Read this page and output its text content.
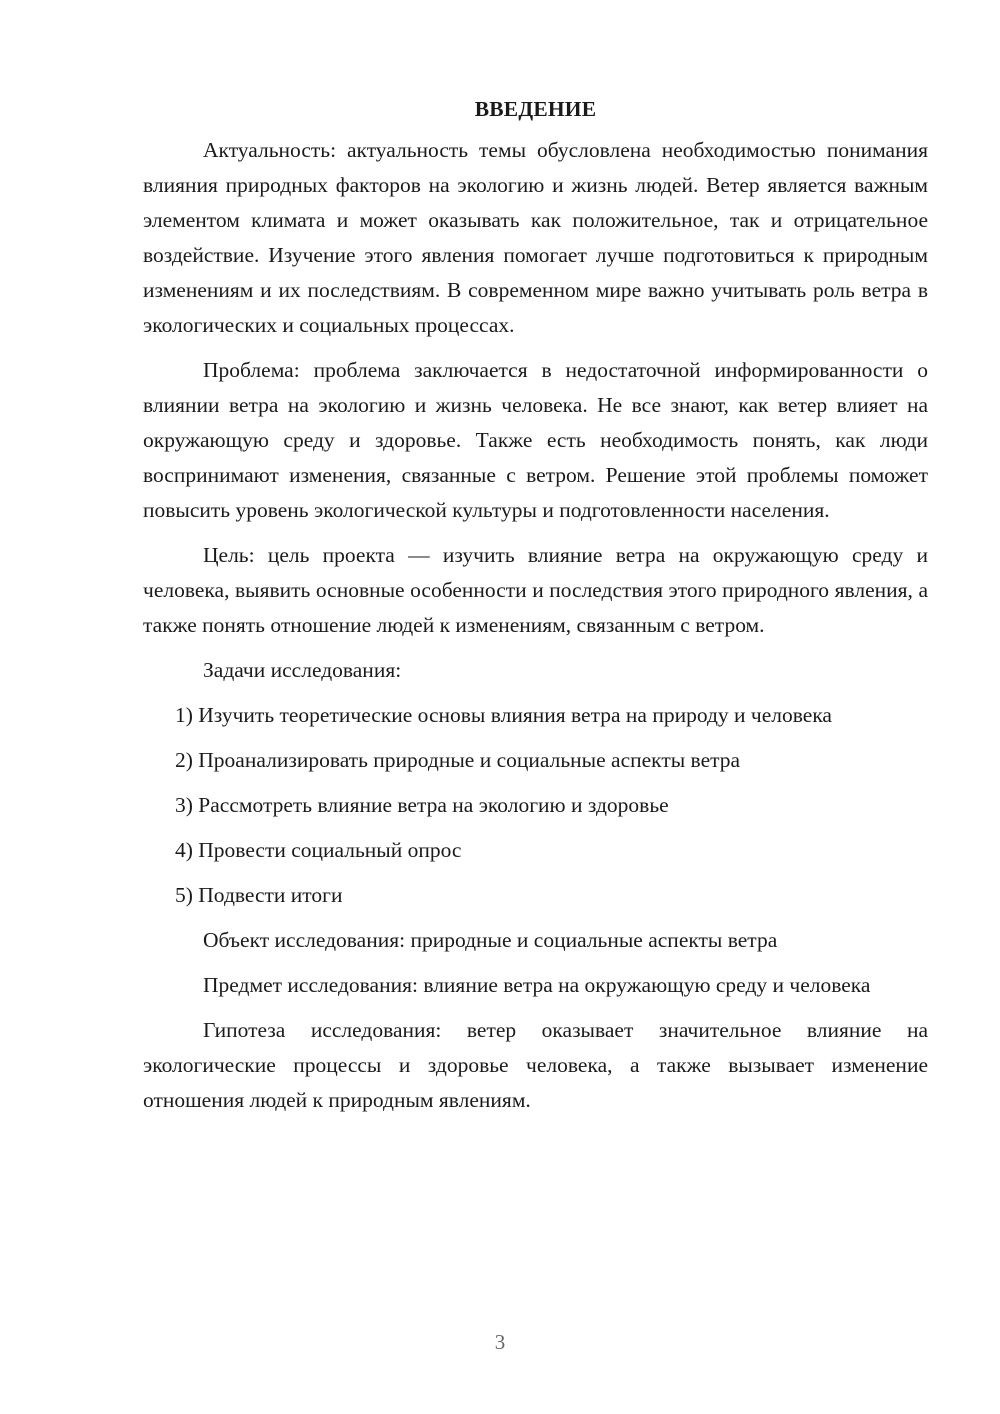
ВВЕДЕНИЕ

Актуальность: актуальность темы обусловлена необходимостью понимания влияния природных факторов на экологию и жизнь людей. Ветер является важным элементом климата и может оказывать как положительное, так и отрицательное воздействие. Изучение этого явления помогает лучше подготовиться к природным изменениям и их последствиям. В современном мире важно учитывать роль ветра в экологических и социальных процессах.

Проблема: проблема заключается в недостаточной информированности о влиянии ветра на экологию и жизнь человека. Не все знают, как ветер влияет на окружающую среду и здоровье. Также есть необходимость понять, как люди воспринимают изменения, связанные с ветром. Решение этой проблемы поможет повысить уровень экологической культуры и подготовленности населения.

Цель: цель проекта — изучить влияние ветра на окружающую среду и человека, выявить основные особенности и последствия этого природного явления, а также понять отношение людей к изменениям, связанным с ветром.

Задачи исследования:

1) Изучить теоретические основы влияния ветра на природу и человека

2) Проанализировать природные и социальные аспекты ветра

3) Рассмотреть влияние ветра на экологию и здоровье

4) Провести социальный опрос

5) Подвести итоги

Объект исследования: природные и социальные аспекты ветра

Предмет исследования: влияние ветра на окружающую среду и человека

Гипотеза исследования: ветер оказывает значительное влияние на экологические процессы и здоровье человека, а также вызывает изменение отношения людей к природным явлениям.

3
